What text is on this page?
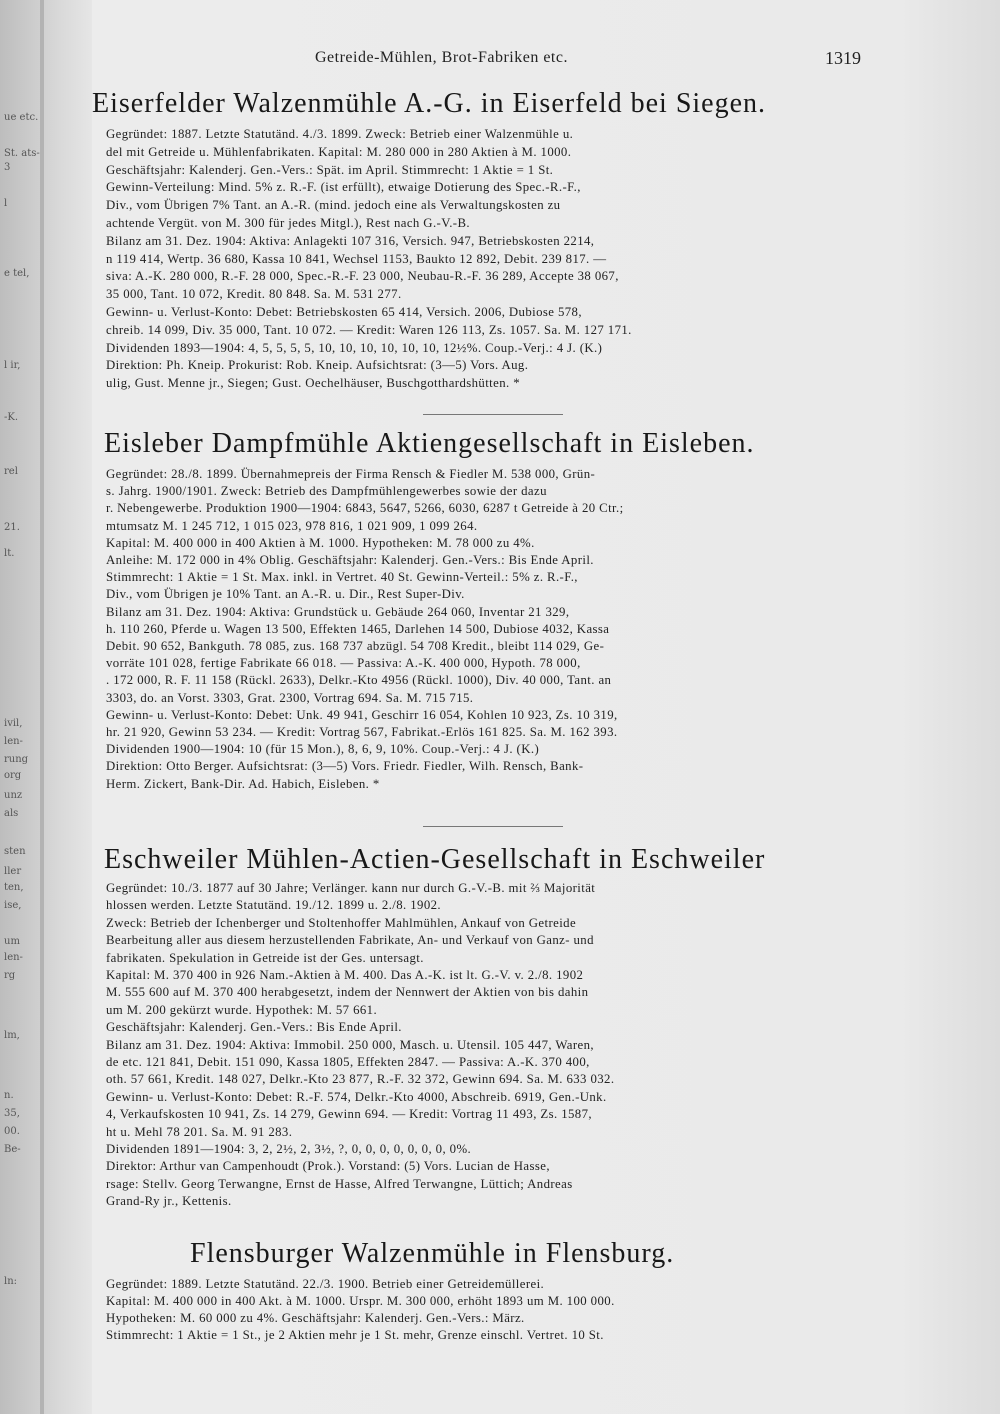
ue etc.
St. ats-
3
l
e tel,
l ir,
-K.
rel
21.
lt.
ivil,
len-
rung
org
unz
als
sten
ller
ten,
ise,
um
len-
rg
lm,
n.
35,
00.
Be-
ln:
Getreide-Mühlen, Brot-Fabriken etc.	1319
Eiserfelder Walzenmühle A.-G. in Eiserfeld bei Siegen.
Gegründet: 1887. Letzte Statutänd. 4./3. 1899. Zweck: Betrieb einer Walzenmühle u.
del mit Getreide u. Mühlenfabrikaten. Kapital: M. 280 000 in 280 Aktien à M. 1000.
Geschäftsjahr: Kalenderj. Gen.-Vers.: Spät. im April. Stimmrecht: 1 Aktie = 1 St.
Gewinn-Verteilung: Mind. 5% z. R.-F. (ist erfüllt), etwaige Dotierung des Spec.-R.-F.,
Div., vom Übrigen 7% Tant. an A.-R. (mind. jedoch eine als Verwaltungskosten zu
achtende Vergüt. von M. 300 für jedes Mitgl.), Rest nach G.-V.-B.
Bilanz am 31. Dez. 1904: Aktiva: Anlagekti 107 316, Versich. 947, Betriebskosten 2214,
n 119 414, Wertp. 36 680, Kassa 10 841, Wechsel 1153, Baukto 12 892, Debit. 239 817. —
siva: A.-K. 280 000, R.-F. 28 000, Spec.-R.-F. 23 000, Neubau-R.-F. 36 289, Accepte 38 067,
35 000, Tant. 10 072, Kredit. 80 848. Sa. M. 531 277.
Gewinn- u. Verlust-Konto: Debet: Betriebskosten 65 414, Versich. 2006, Dubiose 578,
chreib. 14 099, Div. 35 000, Tant. 10 072. — Kredit: Waren 126 113, Zs. 1057. Sa. M. 127 171.
Dividenden 1893—1904: 4, 5, 5, 5, 5, 10, 10, 10, 10, 10, 10, 12½%. Coup.-Verj.: 4 J. (K.)
Direktion: Ph. Kneip. Prokurist: Rob. Kneip. Aufsichtsrat: (3—5) Vors. Aug.
ulig, Gust. Menne jr., Siegen; Gust. Oechelhäuser, Buschgotthardshütten. *
Eisleber Dampfmühle Aktiengesellschaft in Eisleben.
Gegründet: 28./8. 1899. Übernahmepreis der Firma Rensch & Fiedler M. 538 000, Grün-
s. Jahrg. 1900/1901. Zweck: Betrieb des Dampfmühlengewerbes sowie der dazu
r. Nebengewerbe. Produktion 1900—1904: 6843, 5647, 5266, 6030, 6287 t Getreide à 20 Ctr.;
mtumsatz M. 1 245 712, 1 015 023, 978 816, 1 021 909, 1 099 264.
Kapital: M. 400 000 in 400 Aktien à M. 1000. Hypotheken: M. 78 000 zu 4%.
Anleihe: M. 172 000 in 4% Oblig. Geschäftsjahr: Kalenderj. Gen.-Vers.: Bis Ende April.
Stimmrecht: 1 Aktie = 1 St. Max. inkl. in Vertret. 40 St. Gewinn-Verteil.: 5% z. R.-F.,
Div., vom Übrigen je 10% Tant. an A.-R. u. Dir., Rest Super-Div.
Bilanz am 31. Dez. 1904: Aktiva: Grundstück u. Gebäude 264 060, Inventar 21 329,
h. 110 260, Pferde u. Wagen 13 500, Effekten 1465, Darlehen 14 500, Dubiose 4032, Kassa
Debit. 90 652, Bankguth. 78 085, zus. 168 737 abzügl. 54 708 Kredit., bleibt 114 029, Ge-
vorräte 101 028, fertige Fabrikate 66 018. — Passiva: A.-K. 400 000, Hypoth. 78 000,
. 172 000, R. F. 11 158 (Rückl. 2633), Delkr.-Kto 4956 (Rückl. 1000), Div. 40 000, Tant. an
3303, do. an Vorst. 3303, Grat. 2300, Vortrag 694. Sa. M. 715 715.
Gewinn- u. Verlust-Konto: Debet: Unk. 49 941, Geschirr 16 054, Kohlen 10 923, Zs. 10 319,
hr. 21 920, Gewinn 53 234. — Kredit: Vortrag 567, Fabrikat.-Erlös 161 825. Sa. M. 162 393.
Dividenden 1900—1904: 10 (für 15 Mon.), 8, 6, 9, 10%. Coup.-Verj.: 4 J. (K.)
Direktion: Otto Berger. Aufsichtsrat: (3—5) Vors. Friedr. Fiedler, Wilh. Rensch, Bank-
Herm. Zickert, Bank-Dir. Ad. Habich, Eisleben. *
Eschweiler Mühlen-Actien-Gesellschaft in Eschweiler
Gegründet: 10./3. 1877 auf 30 Jahre; Verlänger. kann nur durch G.-V.-B. mit ⅔ Majorität
hlossen werden. Letzte Statutänd. 19./12. 1899 u. 2./8. 1902.
Zweck: Betrieb der Ichenberger und Stoltenhoffer Mahlmühlen, Ankauf von Getreide
Bearbeitung aller aus diesem herzustellenden Fabrikate, An- und Verkauf von Ganz- und
fabrikaten. Spekulation in Getreide ist der Ges. untersagt.
Kapital: M. 370 400 in 926 Nam.-Aktien à M. 400. Das A.-K. ist lt. G.-V. v. 2./8. 1902
M. 555 600 auf M. 370 400 herabgesetzt, indem der Nennwert der Aktien von bis dahin
um M. 200 gekürzt wurde. Hypothek: M. 57 661.
Geschäftsjahr: Kalenderj. Gen.-Vers.: Bis Ende April.
Bilanz am 31. Dez. 1904: Aktiva: Immobil. 250 000, Masch. u. Utensil. 105 447, Waren,
de etc. 121 841, Debit. 151 090, Kassa 1805, Effekten 2847. — Passiva: A.-K. 370 400,
oth. 57 661, Kredit. 148 027, Delkr.-Kto 23 877, R.-F. 32 372, Gewinn 694. Sa. M. 633 032.
Gewinn- u. Verlust-Konto: Debet: R.-F. 574, Delkr.-Kto 4000, Abschreib. 6919, Gen.-Unk.
4, Verkaufskosten 10 941, Zs. 14 279, Gewinn 694. — Kredit: Vortrag 11 493, Zs. 1587,
ht u. Mehl 78 201. Sa. M. 91 283.
Dividenden 1891—1904: 3, 2, 2½, 2, 3½, ?, 0, 0, 0, 0, 0, 0, 0, 0%.
Direktor: Arthur van Campenhoudt (Prok.). Vorstand: (5) Vors. Lucian de Hasse,
rsage: Stellv. Georg Terwangne, Ernst de Hasse, Alfred Terwangne, Lüttich; Andreas
Grand-Ry jr., Kettenis.
Flensburger Walzenmühle in Flensburg.
Gegründet: 1889. Letzte Statutänd. 22./3. 1900. Betrieb einer Getreidemüllerei.
Kapital: M. 400 000 in 400 Akt. à M. 1000. Urspr. M. 300 000, erhöht 1893 um M. 100 000.
Hypotheken: M. 60 000 zu 4%. Geschäftsjahr: Kalenderj. Gen.-Vers.: März.
Stimmrecht: 1 Aktie = 1 St., je 2 Aktien mehr je 1 St. mehr, Grenze einschl. Vertret. 10 St.
